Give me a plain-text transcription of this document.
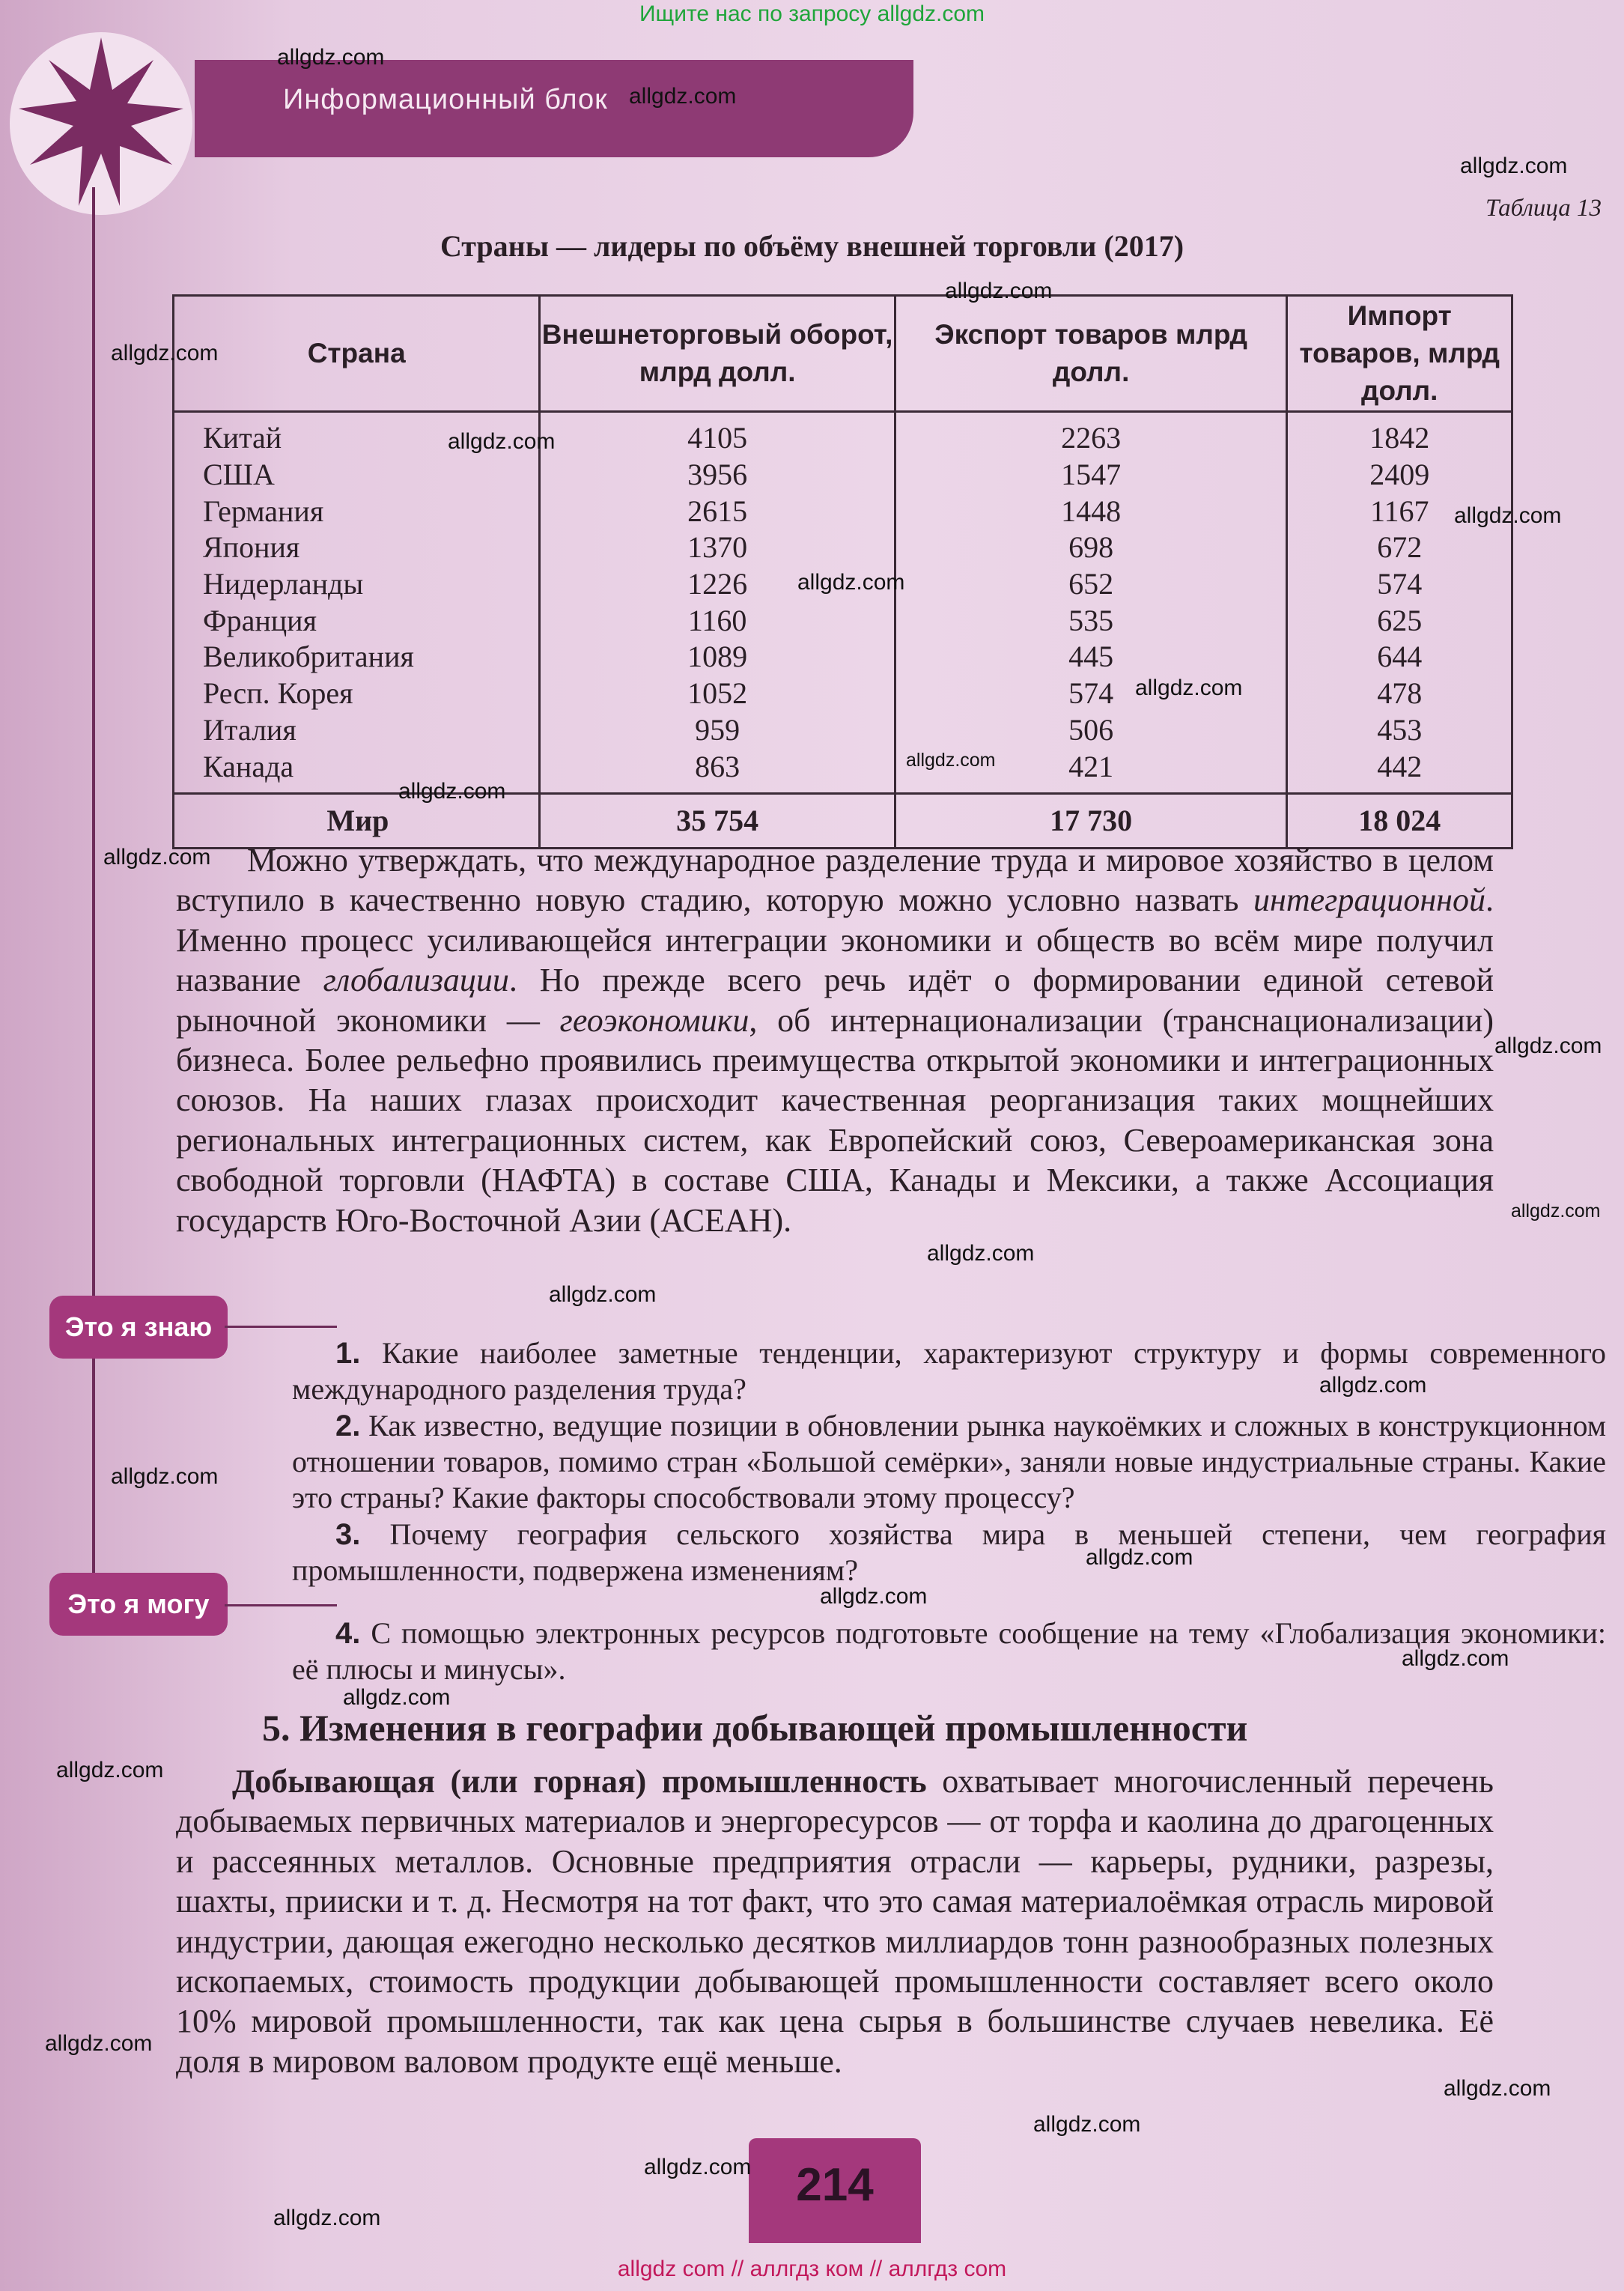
Ищите нас по запросу allgdz.com
Информационный блок
Таблица 13
Страны — лидеры по объёму внешней торговли (2017)
Страна	Внешнеторговый оборот, млрд долл.	Экспорт товаров млрд долл.	Импорт товаров, млрд долл.
Китай	4105	2263	1842
США	3956	1547	2409
Германия	2615	1448	1167
Япония	1370	698	672
Нидерланды	1226	652	574
Франция	1160	535	625
Великобритания	1089	445	644
Респ. Корея	1052	574	478
Италия	959	506	453
Канада	863	421	442
Мир	35 754	17 730	18 024
Можно утверждать, что международное разделение труда и мировое хозяйство в целом вступило в качественно новую стадию, которую можно условно назвать интеграционной. Именно процесс усиливающейся интеграции экономики и обществ во всём мире получил название глобализации. Но прежде всего речь идёт о формировании единой сетевой рыночной экономики — геоэкономики, об интернационализации (транснационализации) бизнеса. Более рельефно проявились преимущества открытой экономики и интеграционных союзов. На наших глазах происходит качественная реорганизация таких мощнейших региональных интеграционных систем, как Европейский союз, Североамериканская зона свободной торговли (НАФТА) в составе США, Канады и Мексики, а также Ассоциация государств Юго-Восточной Азии (АСЕАН).
Это я знаю
Это я могу
1. Какие наиболее заметные тенденции, характеризуют структуру и формы современного международного разделения труда?
2. Как известно, ведущие позиции в обновлении рынка наукоёмких и сложных в конструкционном отношении товаров, помимо стран «Большой семёрки», заняли новые индустриальные страны. Какие это страны? Какие факторы способствовали этому процессу?
3. Почему география сельского хозяйства мира в меньшей степени, чем география промышленности, подвержена изменениям?
4. С помощью электронных ресурсов подготовьте сообщение на тему «Глобализация экономики: её плюсы и минусы».
5. Изменения в географии добывающей промышленности
Добывающая (или горная) промышленность охватывает многочисленный перечень добываемых первичных материалов и энергоресурсов — от торфа и каолина до драгоценных и рассеянных металлов. Основные предприятия отрасли — карьеры, рудники, разрезы, шахты, прииски и т. д. Несмотря на тот факт, что это самая материалоёмкая отрасль мировой индустрии, дающая ежегодно несколько десятков миллиардов тонн разнообразных полезных ископаемых, стоимость продукции добывающей промышленности составляет всего около 10% мировой промышленности, так как цена сырья в большинстве случаев невелика. Её доля в мировом валовом продукте ещё меньше.
214
allgdz.com
allgdz.com
allgdz.com
allgdz.com
allgdz.com
allgdz.com
allgdz.com
allgdz.com
allgdz.com
allgdz.com
allgdz.com
allgdz.com
allgdz.com
allgdz.com
allgdz.com
allgdz.com
allgdz.com
allgdz.com
allgdz.com
allgdz.com
allgdz.com
allgdz.com
allgdz.com
allgdz.com
allgdz.com
allgdz.com
allgdz.com
allgdz.com
allgdz com // аллгдз ком // аллгдз com
